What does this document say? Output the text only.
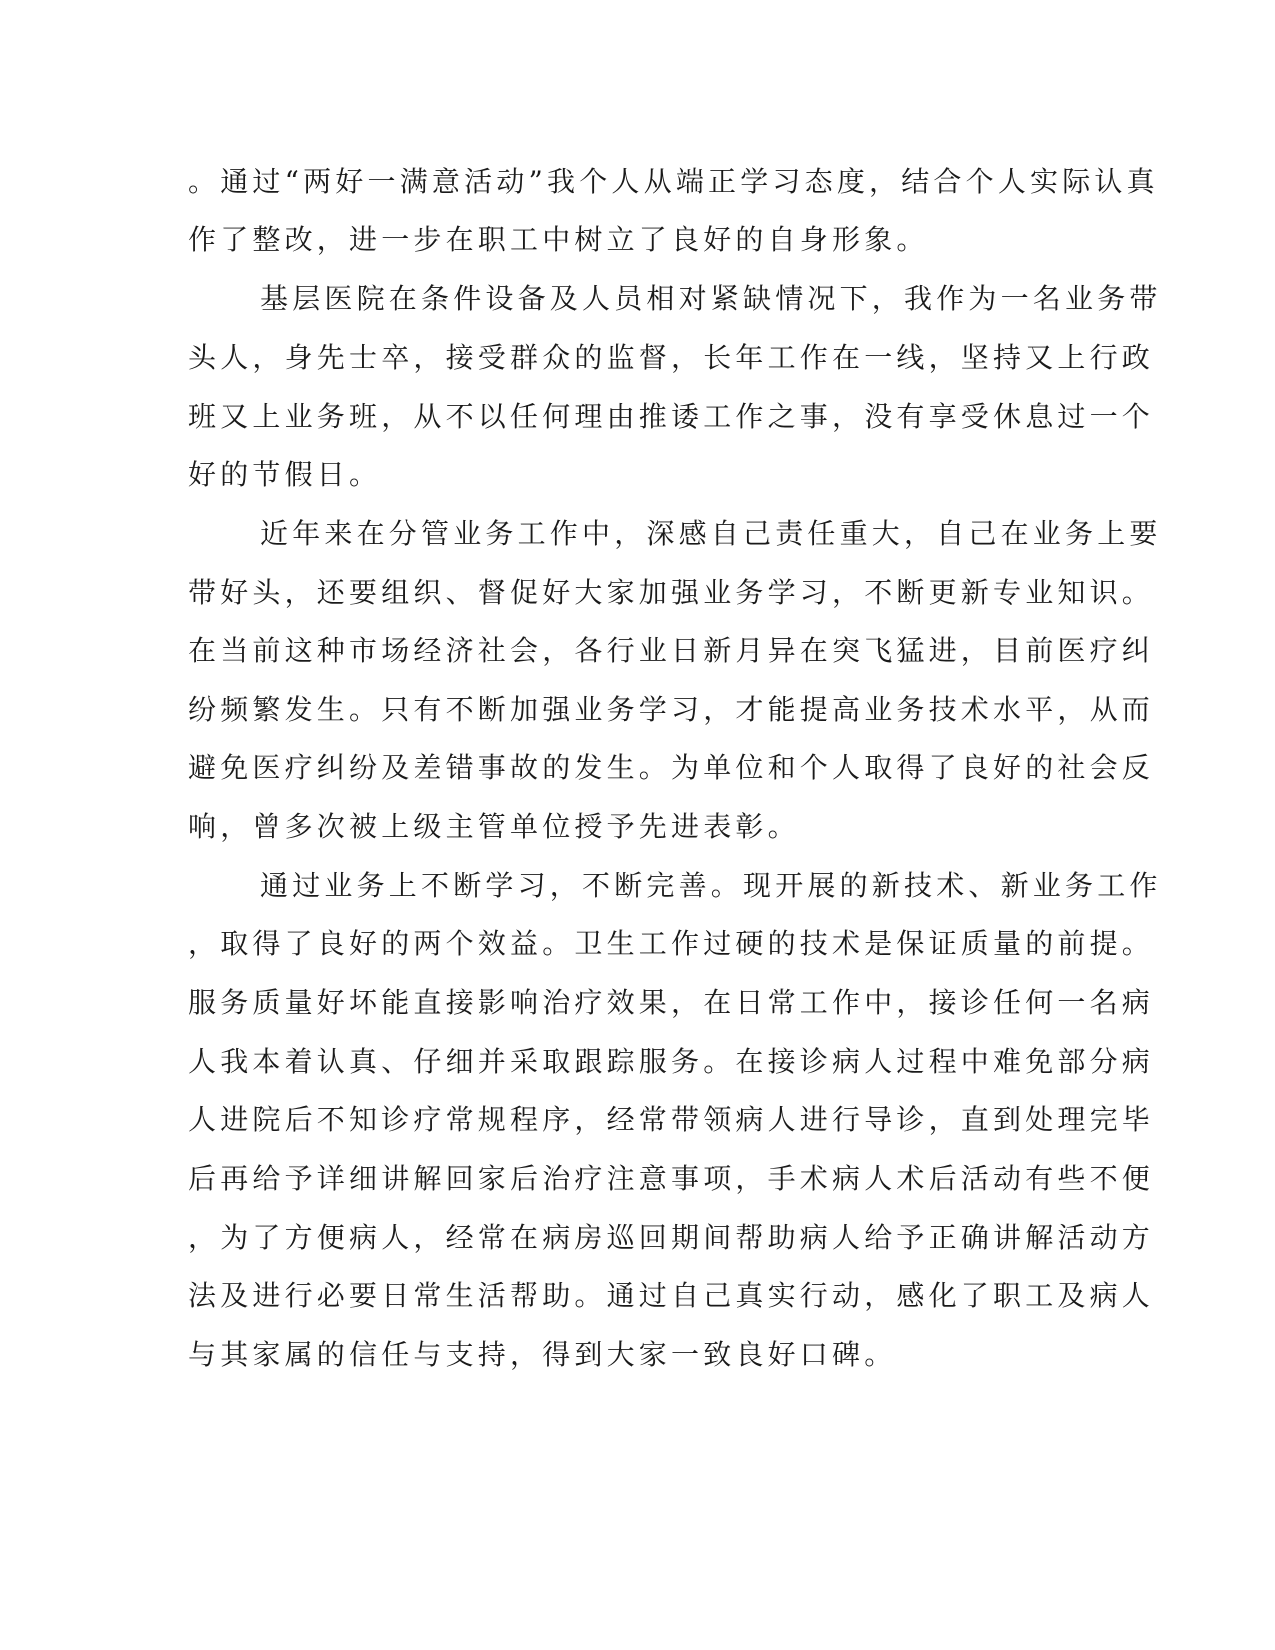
。通过“两好一满意活动”我个人从端正学习态度，结合个人实际认真
作了整改，进一步在职工中树立了良好的自身形象。
基层医院在条件设备及人员相对紧缺情况下，我作为一名业务带
头人，身先士卒，接受群众的监督，长年工作在一线，坚持又上行政
班又上业务班，从不以任何理由推诿工作之事，没有享受休息过一个
好的节假日。
近年来在分管业务工作中，深感自己责任重大，自己在业务上要
带好头，还要组织、督促好大家加强业务学习，不断更新专业知识。
在当前这种市场经济社会，各行业日新月异在突飞猛进，目前医疗纠
纷频繁发生。只有不断加强业务学习，才能提高业务技术水平，从而
避免医疗纠纷及差错事故的发生。为单位和个人取得了良好的社会反
响，曾多次被上级主管单位授予先进表彰。
通过业务上不断学习，不断完善。现开展的新技术、新业务工作
，取得了良好的两个效益。卫生工作过硬的技术是保证质量的前提。
服务质量好坏能直接影响治疗效果，在日常工作中，接诊任何一名病
人我本着认真、仔细并采取跟踪服务。在接诊病人过程中难免部分病
人进院后不知诊疗常规程序，经常带领病人进行导诊，直到处理完毕
后再给予详细讲解回家后治疗注意事项，手术病人术后活动有些不便
，为了方便病人，经常在病房巡回期间帮助病人给予正确讲解活动方
法及进行必要日常生活帮助。通过自己真实行动，感化了职工及病人
与其家属的信任与支持，得到大家一致良好口碑。
